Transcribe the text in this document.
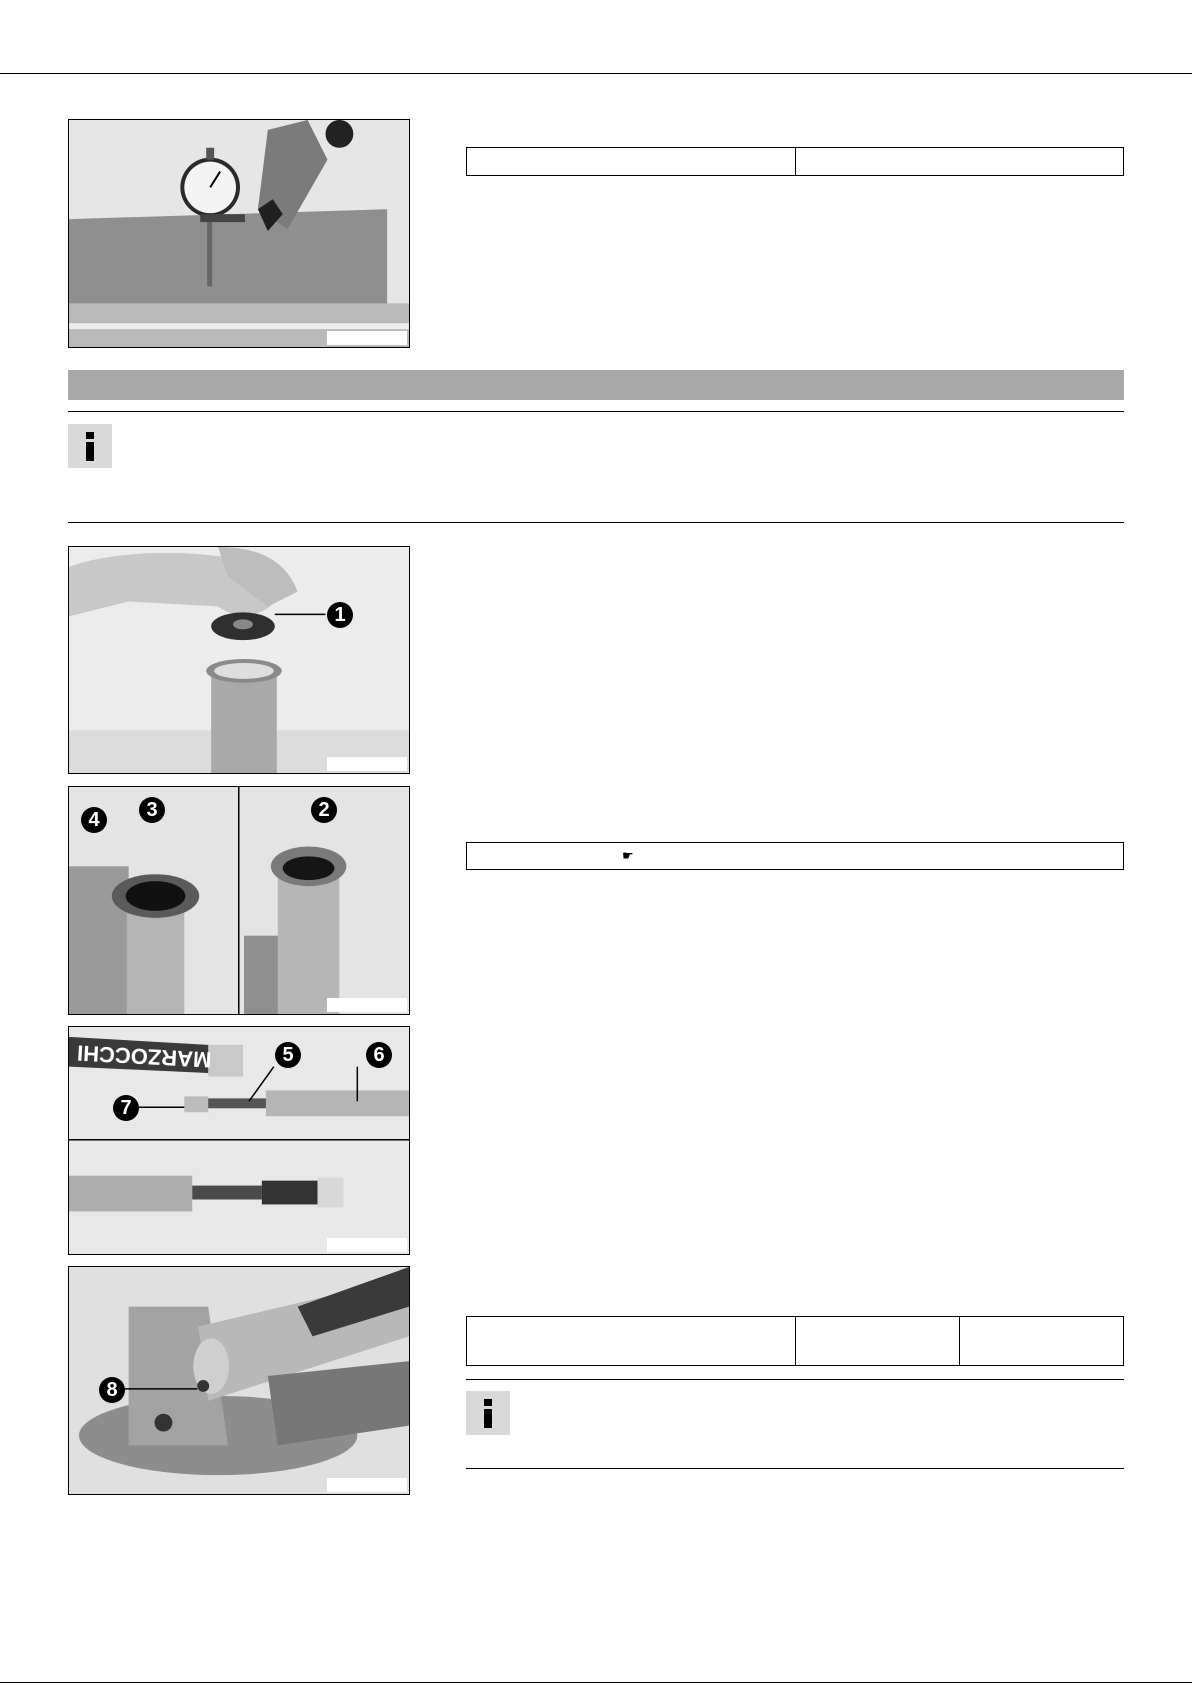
1
4	3	2
☛
7
5	6
MARZOCCHI
8
